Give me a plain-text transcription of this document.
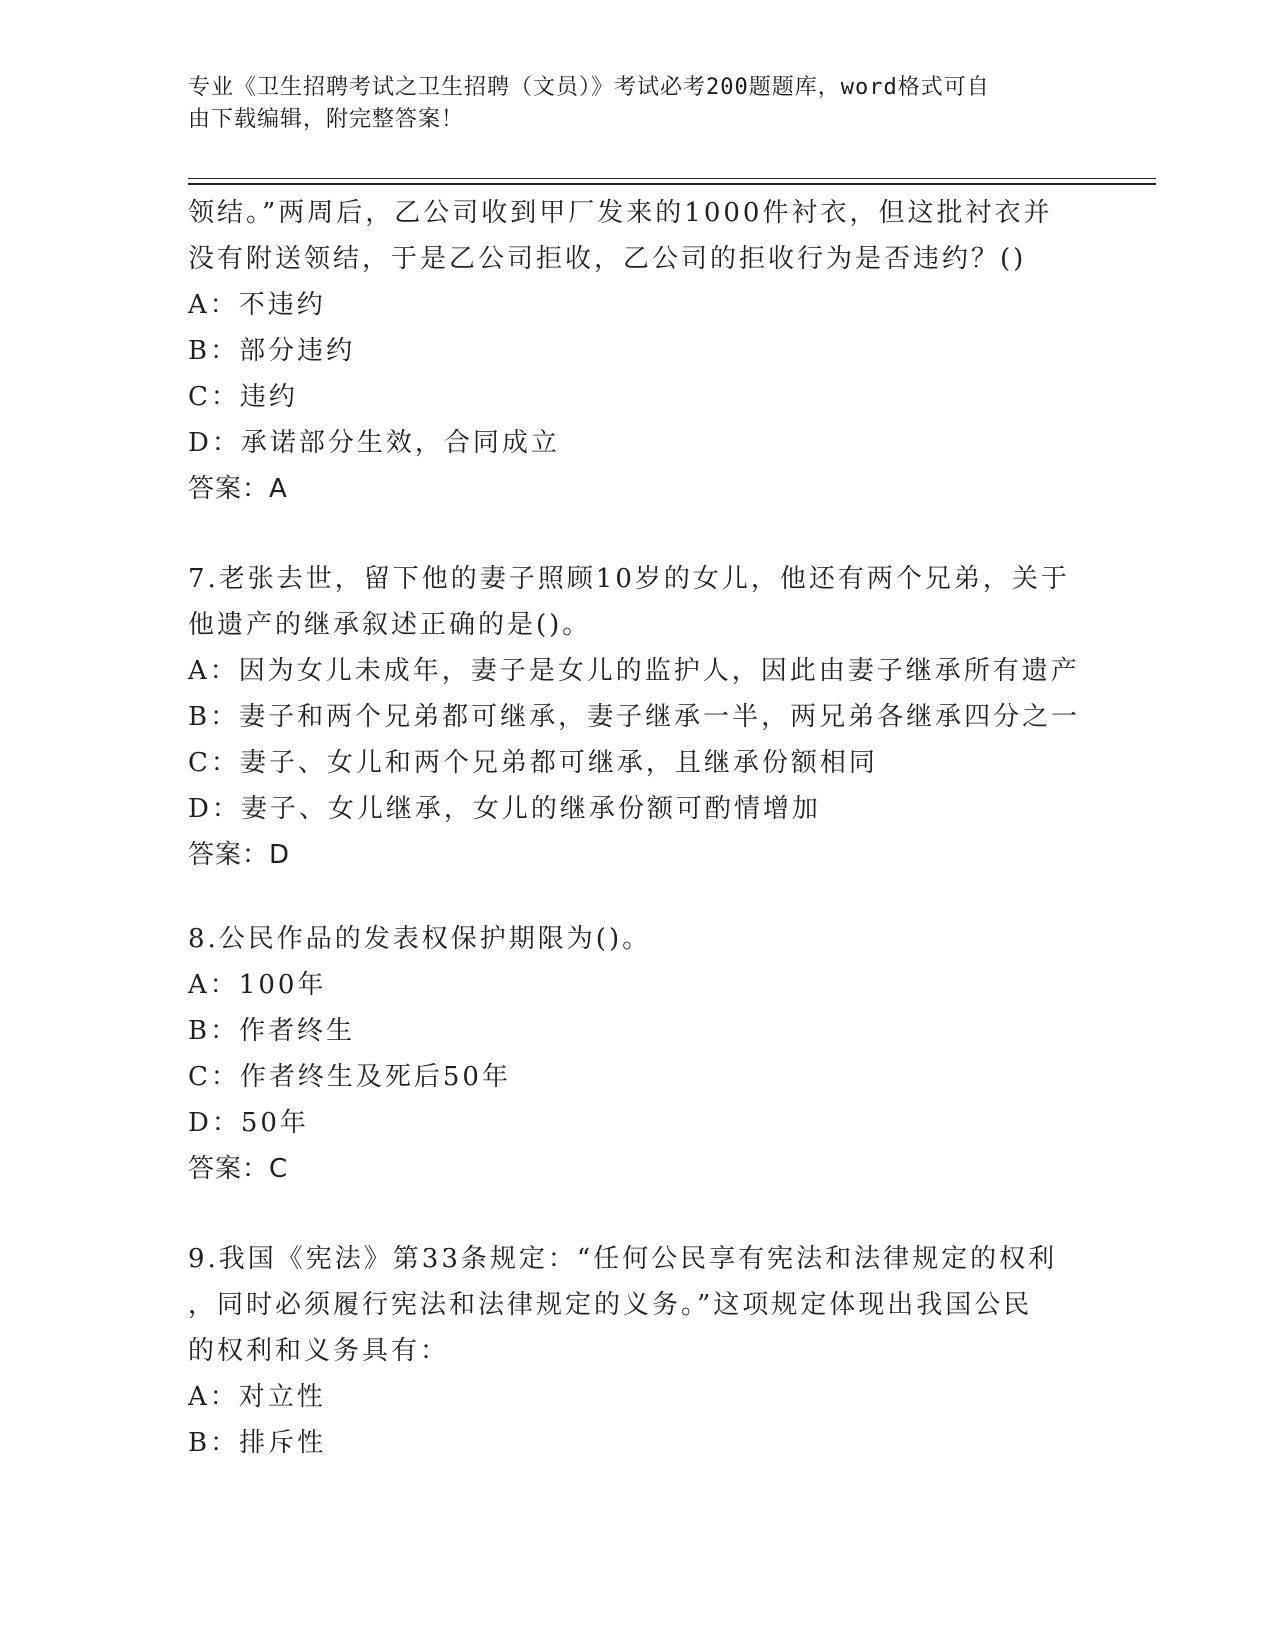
专业《卫生招聘考试之卫生招聘（文员）》考试必考200题题库，word格式可自
由下载编辑，附完整答案！
领结。”两周后，乙公司收到甲厂发来的1000件衬衣，但这批衬衣并
没有附送领结，于是乙公司拒收，乙公司的拒收行为是否违约？()
A：不违约
B：部分违约
C：违约
D：承诺部分生效，合同成立
答案：A
7.老张去世，留下他的妻子照顾10岁的女儿，他还有两个兄弟，关于
他遗产的继承叙述正确的是()。
A：因为女儿未成年，妻子是女儿的监护人，因此由妻子继承所有遗产
B：妻子和两个兄弟都可继承，妻子继承一半，两兄弟各继承四分之一
C：妻子、女儿和两个兄弟都可继承，且继承份额相同
D：妻子、女儿继承，女儿的继承份额可酌情增加
答案：D
8.公民作品的发表权保护期限为()。
A：100年
B：作者终生
C：作者终生及死后50年
D：50年
答案：C
9.我国《宪法》第33条规定：“任何公民享有宪法和法律规定的权利
，同时必须履行宪法和法律规定的义务。”这项规定体现出我国公民
的权利和义务具有：
A：对立性
B：排斥性
